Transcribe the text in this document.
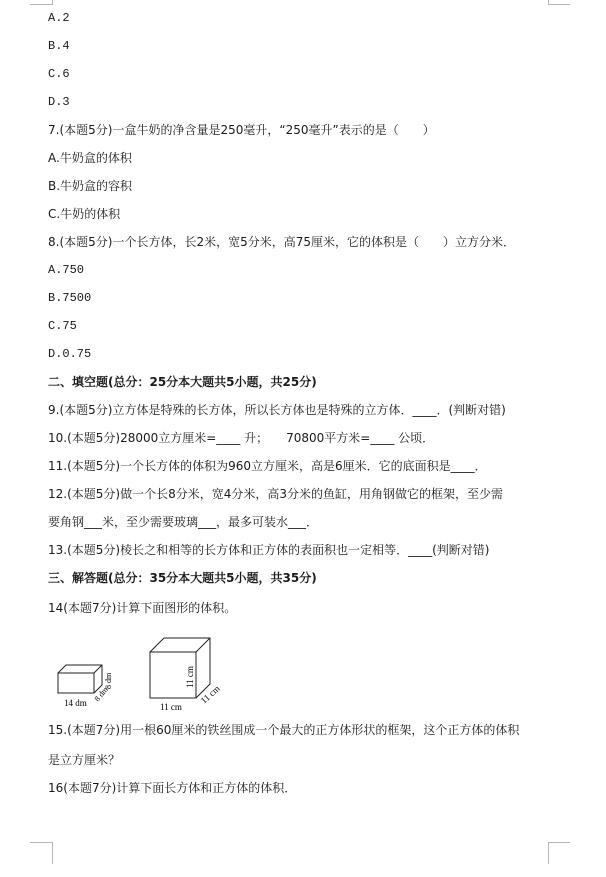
A.2
B.4
C.6
D.3
7.(本题5分)一盒牛奶的净含量是250毫升，“250毫升”表示的是（　　）
A.牛奶盒的体积
B.牛奶盒的容积
C.牛奶的体积
8.(本题5分)一个长方体，长2米，宽5分米，高75厘米，它的体积是（　　）立方分米．
A.750
B.7500
C.75
D.0.75
二、填空题(总分：25分本大题共5小题，共25分)
9.(本题5分)立方体是特殊的长方体，所以长方体也是特殊的立方体．____．(判断对错)
10.(本题5分)28000立方厘米=____ 升；　　70800平方米=____ 公顷．
11.(本题5分)一个长方体的体积为960立方厘米，高是6厘米．它的底面积是____．
12.(本题5分)做一个长8分米，宽4分米，高3分米的鱼缸，用角钢做它的框架，至少需
要角钢___米，至少需要玻璃___，最多可装水___．
13.(本题5分)棱长之和相等的长方体和正方体的表面积也一定相等．____(判断对错)
三、解答题(总分：35分本大题共5小题，共35分)
14(本题7分)计算下面图形的体积。
14 dm 8 dm
8 dm	11 cm
11 cm
11 cm
15.(本题7分)用一根60厘米的铁丝围成一个最大的正方体形状的框架，这个正方体的体积
是立方厘米？
16(本题7分)计算下面长方体和正方体的体积．
